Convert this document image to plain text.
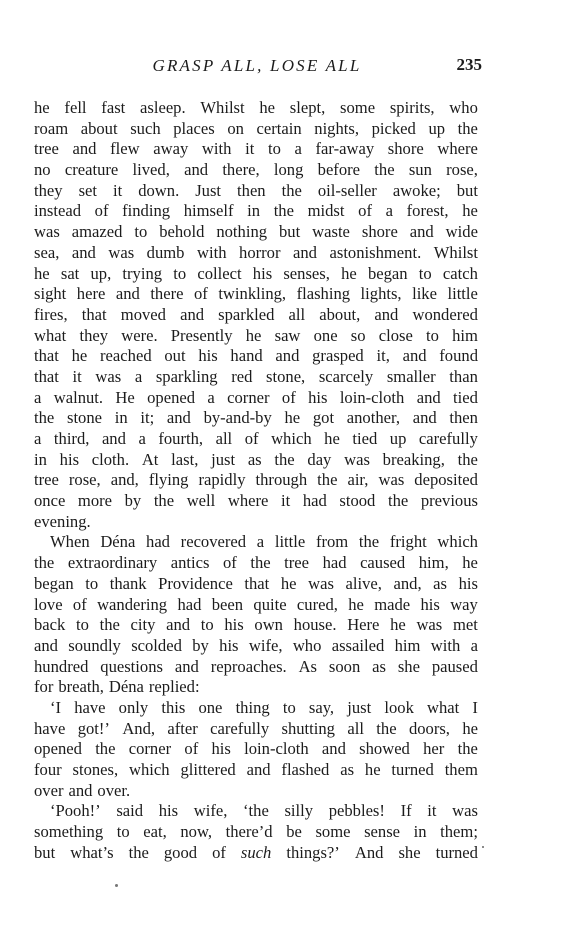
GRASP ALL, LOSE ALL	235
he fell fast asleep. Whilst he slept, some spirits, who
roam about such places on certain nights, picked up the
tree and flew away with it to a far-away shore where
no creature lived, and there, long before the sun rose,
they set it down. Just then the oil-seller awoke; but
instead of finding himself in the midst of a forest, he
was amazed to behold nothing but waste shore and wide
sea, and was dumb with horror and astonishment. Whilst
he sat up, trying to collect his senses, he began to catch
sight here and there of twinkling, flashing lights, like little
fires, that moved and sparkled all about, and wondered
what they were. Presently he saw one so close to him
that he reached out his hand and grasped it, and found
that it was a sparkling red stone, scarcely smaller than
a walnut. He opened a corner of his loin-cloth and tied
the stone in it; and by-and-by he got another, and then
a third, and a fourth, all of which he tied up carefully
in his cloth. At last, just as the day was breaking, the
tree rose, and, flying rapidly through the air, was deposited
once more by the well where it had stood the previous
evening.
When Déna had recovered a little from the fright which
the extraordinary antics of the tree had caused him, he
began to thank Providence that he was alive, and, as his
love of wandering had been quite cured, he made his way
back to the city and to his own house. Here he was met
and soundly scolded by his wife, who assailed him with a
hundred questions and reproaches. As soon as she paused
for breath, Déna replied:
‘I have only this one thing to say, just look what I
have got!’ And, after carefully shutting all the doors, he
opened the corner of his loin-cloth and showed her the
four stones, which glittered and flashed as he turned them
over and over.
‘Pooh!’ said his wife, ‘the silly pebbles! If it was
something to eat, now, there’d be some sense in them;
but what’s the good of such things?’ And she turned
